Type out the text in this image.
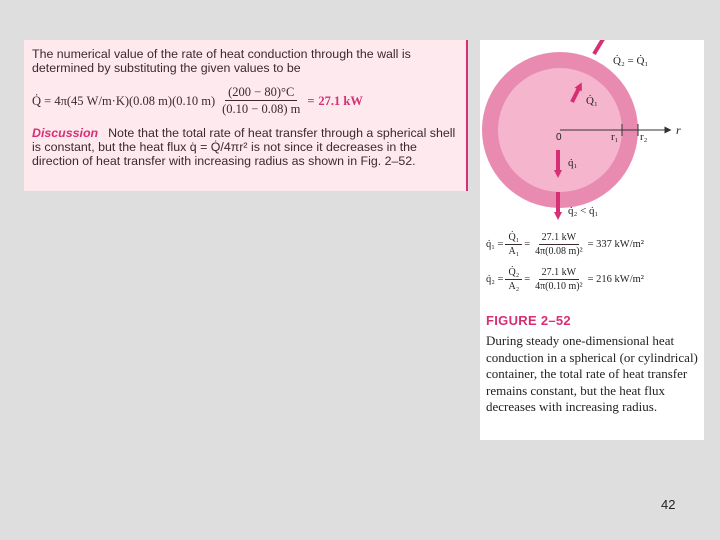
The numerical value of the rate of heat conduction through the wall is determined by substituting the given values to be

Q̇ = 4π(45 W/m·K)(0.08 m)(0.10 $m) \frac{(200 - 80)^\circ C}{(0.10 - 0.08) m} = 27.1$ kW

Discussion Note that the total rate of heat transfer through a spherical shell is constant, but the heat flux q̇ = Q̇/4πr² is not since it decreases in the direction of heat transfer with increasing radius as shown in Fig. 2–52.

Q̇₂ = Q̇₁
Q̇₁
0	r₁ r₂ r
q̇₁
q̇₂ < q̇₁
q̇₁ = $\frac{\text{Q̇₁}}{\text{A₁}} = \frac{27.1 kW}{\text{4π(0.08 m)²}} = 337$ kW/m²
q̇₂ = $\frac{\text{Q̇₂}}{\text{A₂}} = \frac{27.1 kW}{\text{4π(0.10 m)²}} = 216$ kW/m²
FIGURE 2–52
During steady one-dimensional heat conduction in a spherical (or cylindrical) container, the total rate of heat transfer remains constant, but the heat flux decreases with increasing radius.
42
